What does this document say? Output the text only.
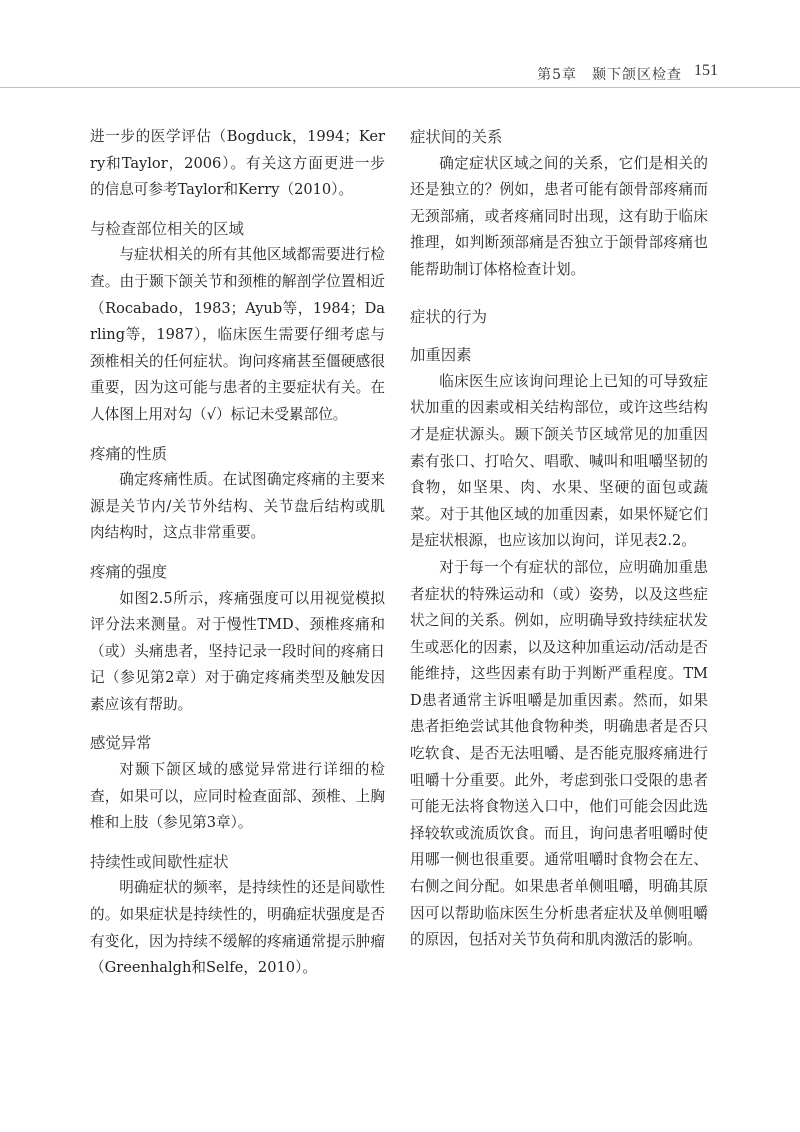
第5章　颞下颌区检查 151

进一步的医学评估（Bogduck，1994；Kerry和Taylor，2006）。有关这方面更进一步的信息可参考Taylor和Kerry（2010）。

与检查部位相关的区域

与症状相关的所有其他区域都需要进行检查。由于颞下颌关节和颈椎的解剖学位置相近（Rocabado，1983；Ayub等，1984；Darling等，1987），临床医生需要仔细考虑与颈椎相关的任何症状。询问疼痛甚至僵硬感很重要，因为这可能与患者的主要症状有关。在人体图上用对勾（√）标记未受累部位。

疼痛的性质

确定疼痛性质。在试图确定疼痛的主要来源是关节内/关节外结构、关节盘后结构或肌肉结构时，这点非常重要。

疼痛的强度

如图2.5所示，疼痛强度可以用视觉模拟评分法来测量。对于慢性TMD、颈椎疼痛和（或）头痛患者，坚持记录一段时间的疼痛日记（参见第2章）对于确定疼痛类型及触发因素应该有帮助。

感觉异常

对颞下颌区域的感觉异常进行详细的检查，如果可以，应同时检查面部、颈椎、上胸椎和上肢（参见第3章）。

持续性或间歇性症状

明确症状的频率，是持续性的还是间歇性的。如果症状是持续性的，明确症状强度是否有变化，因为持续不缓解的疼痛通常提示肿瘤（Greenhalgh和Selfe，2010）。

症状间的关系

确定症状区域之间的关系，它们是相关的还是独立的？例如，患者可能有颌骨部疼痛而无颈部痛，或者疼痛同时出现，这有助于临床推理，如判断颈部痛是否独立于颌骨部疼痛也能帮助制订体格检查计划。

症状的行为
加重因素

临床医生应该询问理论上已知的可导致症状加重的因素或相关结构部位，或许这些结构才是症状源头。颞下颌关节区域常见的加重因素有张口、打哈欠、唱歌、喊叫和咀嚼坚韧的食物，如坚果、肉、水果、坚硬的面包或蔬菜。对于其他区域的加重因素，如果怀疑它们是症状根源，也应该加以询问，详见表2.2。

对于每一个有症状的部位，应明确加重患者症状的特殊运动和（或）姿势，以及这些症状之间的关系。例如，应明确导致持续症状发生或恶化的因素，以及这种加重运动/活动是否能维持，这些因素有助于判断严重程度。TMD患者通常主诉咀嚼是加重因素。然而，如果患者拒绝尝试其他食物种类，明确患者是否只吃软食、是否无法咀嚼、是否能克服疼痛进行咀嚼十分重要。此外，考虑到张口受限的患者可能无法将食物送入口中，他们可能会因此选择较软或流质饮食。而且，询问患者咀嚼时使用哪一侧也很重要。通常咀嚼时食物会在左、右侧之间分配。如果患者单侧咀嚼，明确其原因可以帮助临床医生分析患者症状及单侧咀嚼的原因，包括对关节负荷和肌肉激活的影响。
